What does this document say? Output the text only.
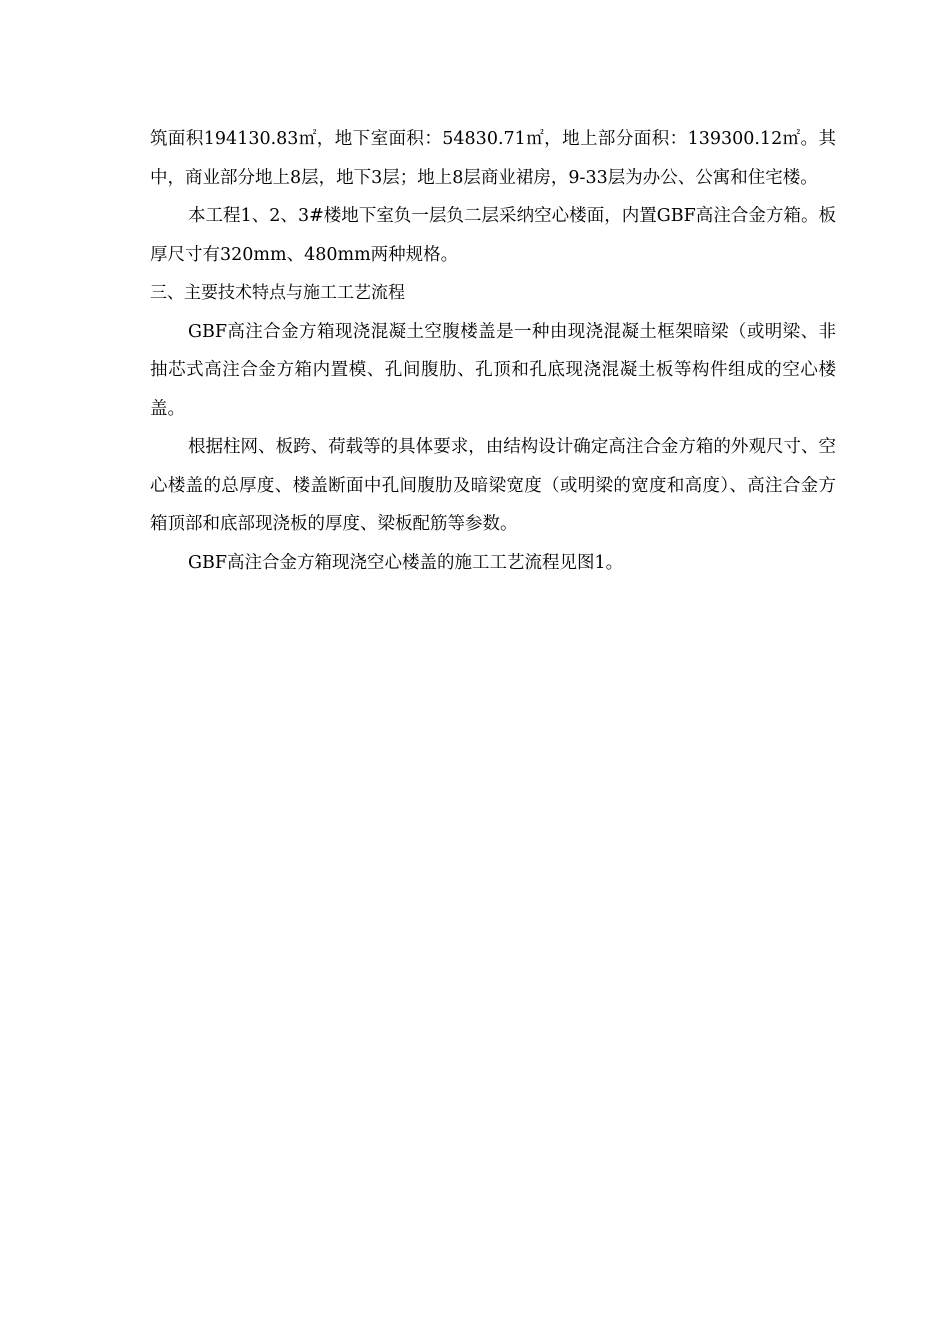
筑面积194130.83㎡，地下室面积：54830.71㎡，地上部分面积：139300.12㎡。其中，商业部分地上8层，地下3层；地上8层商业裙房，9-33层为办公、公寓和住宅楼。

本工程1、2、3#楼地下室负一层负二层采纳空心楼面，内置GBF高注合金方箱。板厚尺寸有320mm、480mm两种规格。

三、主要技术特点与施工工艺流程

GBF高注合金方箱现浇混凝土空腹楼盖是一种由现浇混凝土框架暗梁（或明梁、非抽芯式高注合金方箱内置模、孔间腹肋、孔顶和孔底现浇混凝土板等构件组成的空心楼盖。

根据柱网、板跨、荷载等的具体要求，由结构设计确定高注合金方箱的外观尺寸、空心楼盖的总厚度、楼盖断面中孔间腹肋及暗梁宽度（或明梁的宽度和高度）、高注合金方箱顶部和底部现浇板的厚度、梁板配筋等参数。

GBF高注合金方箱现浇空心楼盖的施工工艺流程见图1。
